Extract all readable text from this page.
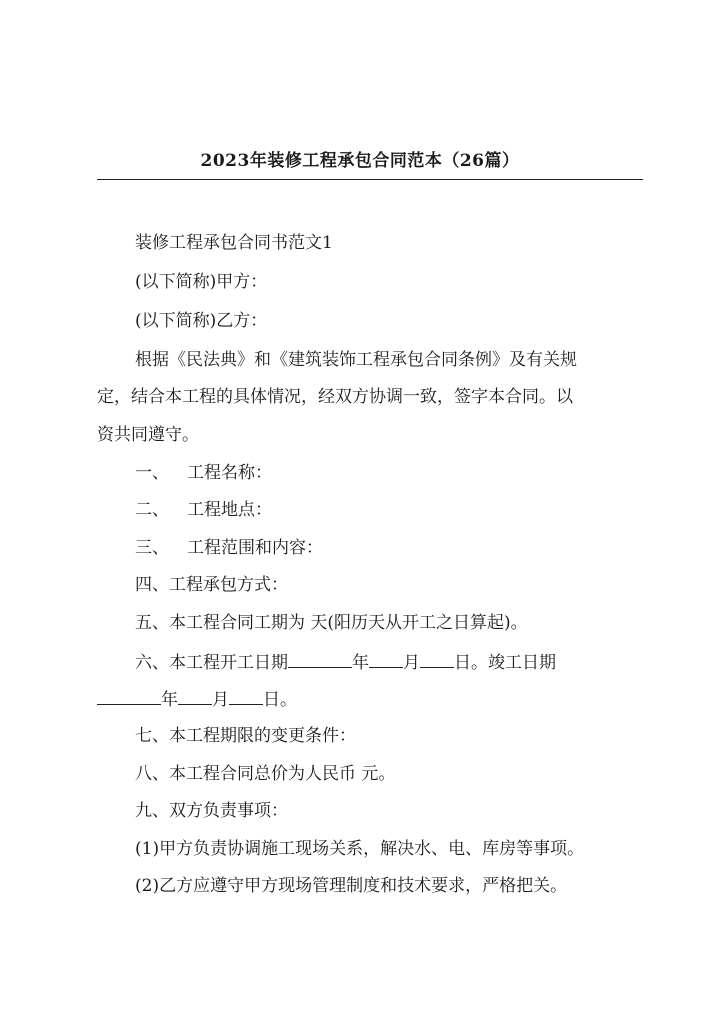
2023年装修工程承包合同范本（26篇）
装修工程承包合同书范文1
(以下简称)甲方：
(以下简称)乙方：
根据《民法典》和《建筑装饰工程承包合同条例》及有关规
定，结合本工程的具体情况，经双方协调一致，签字本合同。以
资共同遵守。
一、 工程名称：
二、 工程地点：
三、 工程范围和内容：
四、工程承包方式：
五、本工程合同工期为 天(阳历天从开工之日算起)。
六、本工程开工日期	年 月 日。竣工日期
年 月 日。
七、本工程期限的变更条件：
八、本工程合同总价为人民币 元。
九、双方负责事项：
(1)甲方负责协调施工现场关系，解决水、电、库房等事项。
(2)乙方应遵守甲方现场管理制度和技术要求，严格把关。
